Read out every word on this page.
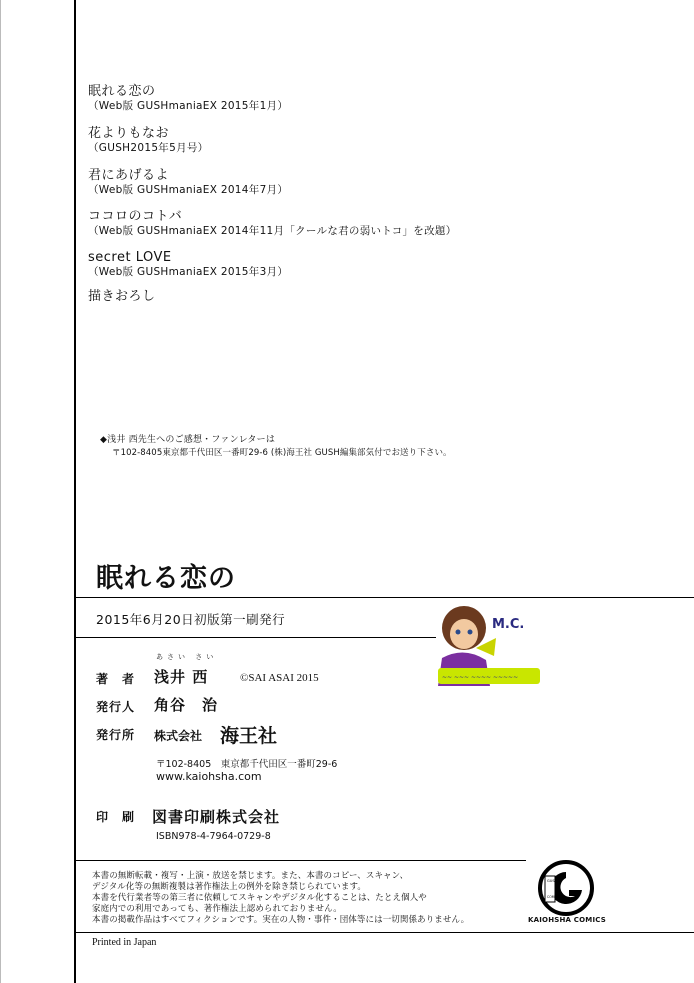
眠れる恋の
（Web版 GUSHmaniaEX 2015年1月）
花よりもなお
（GUSH2015年5月号）
君にあげるよ
（Web版 GUSHmaniaEX 2014年7月）
ココロのコトバ
（Web版 GUSHmaniaEX 2014年11月「クールな君の弱いトコ」を改題）
secret LOVE
（Web版 GUSHmaniaEX 2015年3月）
描きおろし
◆浅井 西先生へのご感想・ファンレターは
〒102-8405東京都千代田区一番町29-6 (株)海王社 GUSH編集部気付でお送り下さい。
眠れる恋の
2015年6月20日初版第一刷発行
~~ ~~~ ~~~~ ~~~~~
M.C.
あさい さい
著　者 浅井 西	©SAI ASAI 2015
発行人 角谷　治
発行所 株式会社 海王社
〒102-8405　東京都千代田区一番町29-6
www.kaiohsha.com
印　刷 図書印刷株式会社
ISBN978-4-7964-0729-8
本書の無断転載・複写・上演・放送を禁じます。また、本書のコピー、スキャン、
デジタル化等の無断複製は著作権法上の例外を除き禁じられています。
本書を代行業者等の第三者に依頼してスキャンやデジタル化することは、たとえ個人や
家庭内での利用であっても、著作権法上認められておりません。
本書の掲載作品はすべてフィクションです。実在の人物・事件・団体等には一切関係ありません。
GUSH
COMICS
KAIOHSHA COMICS
Printed in Japan
